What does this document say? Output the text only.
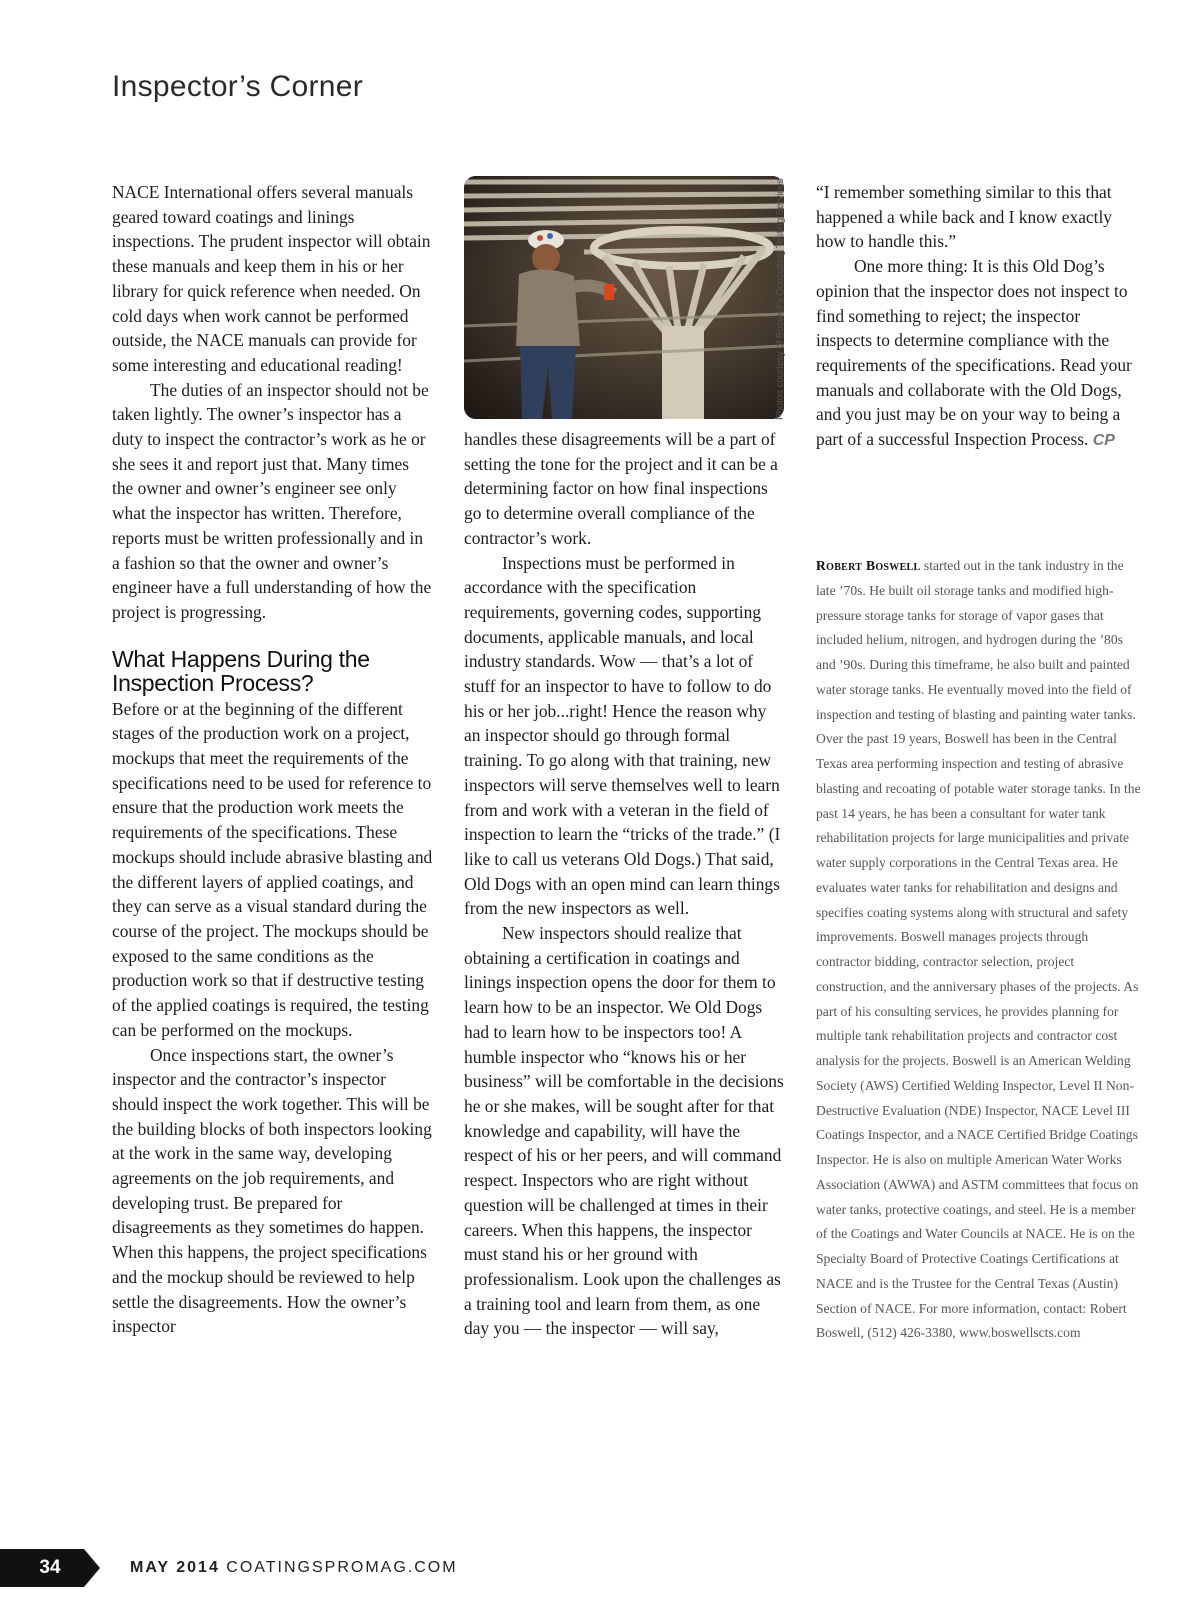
Inspector’s Corner

NACE International offers several manuals geared toward coatings and linings inspections. The prudent inspector will obtain these manuals and keep them in his or her library for quick reference when needed. On cold days when work cannot be performed outside, the NACE manuals can provide for some interesting and educational reading!

The duties of an inspector should not be taken lightly. The owner’s inspector has a duty to inspect the contractor’s work as he or she sees it and report just that. Many times the owner and owner’s engineer see only what the inspector has written. Therefore, reports must be written professionally and in a fashion so that the owner and owner’s engineer have a full understanding of how the project is progressing.

What Happens During the Inspection Process?

Before or at the beginning of the different stages of the production work on a project, mockups that meet the requirements of the specifications need to be used for reference to ensure that the production work meets the requirements of the specifications. These mockups should include abrasive blasting and the different layers of applied coatings, and they can serve as a visual standard during the course of the project. The mockups should be exposed to the same conditions as the production work so that if destructive testing of the applied coatings is required, the testing can be performed on the mockups.

Once inspections start, the owner’s inspector and the contractor’s inspector should inspect the work together. This will be the building blocks of both inspectors looking at the work in the same way, developing agreements on the job requirements, and developing trust. Be prepared for disagreements as they sometimes do happen. When this happens, the project specifications and the mockup should be reviewed to help settle the disagreements. How the owner’s inspector

Photos courtesy of Boswell’s Consulting Testing Services

handles these disagreements will be a part of setting the tone for the project and it can be a determining factor on how final inspections go to determine overall compliance of the contractor’s work.

Inspections must be performed in accordance with the specification requirements, governing codes, supporting documents, applicable manuals, and local industry standards. Wow — that’s a lot of stuff for an inspector to have to follow to do his or her job...right! Hence the reason why an inspector should go through formal training. To go along with that training, new inspectors will serve themselves well to learn from and work with a veteran in the field of inspection to learn the “tricks of the trade.” (I like to call us veterans Old Dogs.) That said, Old Dogs with an open mind can learn things from the new inspectors as well.

New inspectors should realize that obtaining a certification in coatings and linings inspection opens the door for them to learn how to be an inspector. We Old Dogs had to learn how to be inspectors too! A humble inspector who “knows his or her business” will be comfortable in the decisions he or she makes, will be sought after for that knowledge and capability, will have the respect of his or her peers, and will command respect. Inspectors who are right without question will be challenged at times in their careers. When this happens, the inspector must stand his or her ground with professionalism. Look upon the challenges as a training tool and learn from them, as one day you — the inspector — will say,

“I remember something similar to this that happened a while back and I know exactly how to handle this.”

One more thing: It is this Old Dog’s opinion that the inspector does not inspect to find something to reject; the inspector inspects to determine compliance with the requirements of the specifications. Read your manuals and collaborate with the Old Dogs, and you just may be on your way to being a part of a successful Inspection Process. CP

Robert Boswell started out in the tank industry in the late ’70s. He built oil storage tanks and modified high-pressure storage tanks for storage of vapor gases that included helium, nitrogen, and hydrogen during the ’80s and ’90s. During this timeframe, he also built and painted water storage tanks. He eventually moved into the field of inspection and testing of blasting and painting water tanks. Over the past 19 years, Boswell has been in the Central Texas area performing inspection and testing of abrasive blasting and recoating of potable water storage tanks. In the past 14 years, he has been a consultant for water tank rehabilitation projects for large municipalities and private water supply corporations in the Central Texas area. He evaluates water tanks for rehabilitation and designs and specifies coating systems along with structural and safety improvements. Boswell manages projects through contractor bidding, contractor selection, project construction, and the anniversary phases of the projects. As part of his consulting services, he provides planning for multiple tank rehabilitation projects and contractor cost analysis for the projects. Boswell is an American Welding Society (AWS) Certified Welding Inspector, Level II Non-Destructive Evaluation (NDE) Inspector, NACE Level III Coatings Inspector, and a NACE Certified Bridge Coatings Inspector. He is also on multiple American Water Works Association (AWWA) and ASTM committees that focus on water tanks, protective coatings, and steel. He is a member of the Coatings and Water Councils at NACE. He is on the Specialty Board of Protective Coatings Certifications at NACE and is the Trustee for the Central Texas (Austin) Section of NACE. For more information, contact: Robert Boswell, (512) 426-3380, www.boswellscts.com
34	MAY 2014 COATINGSPROMAG.COM
